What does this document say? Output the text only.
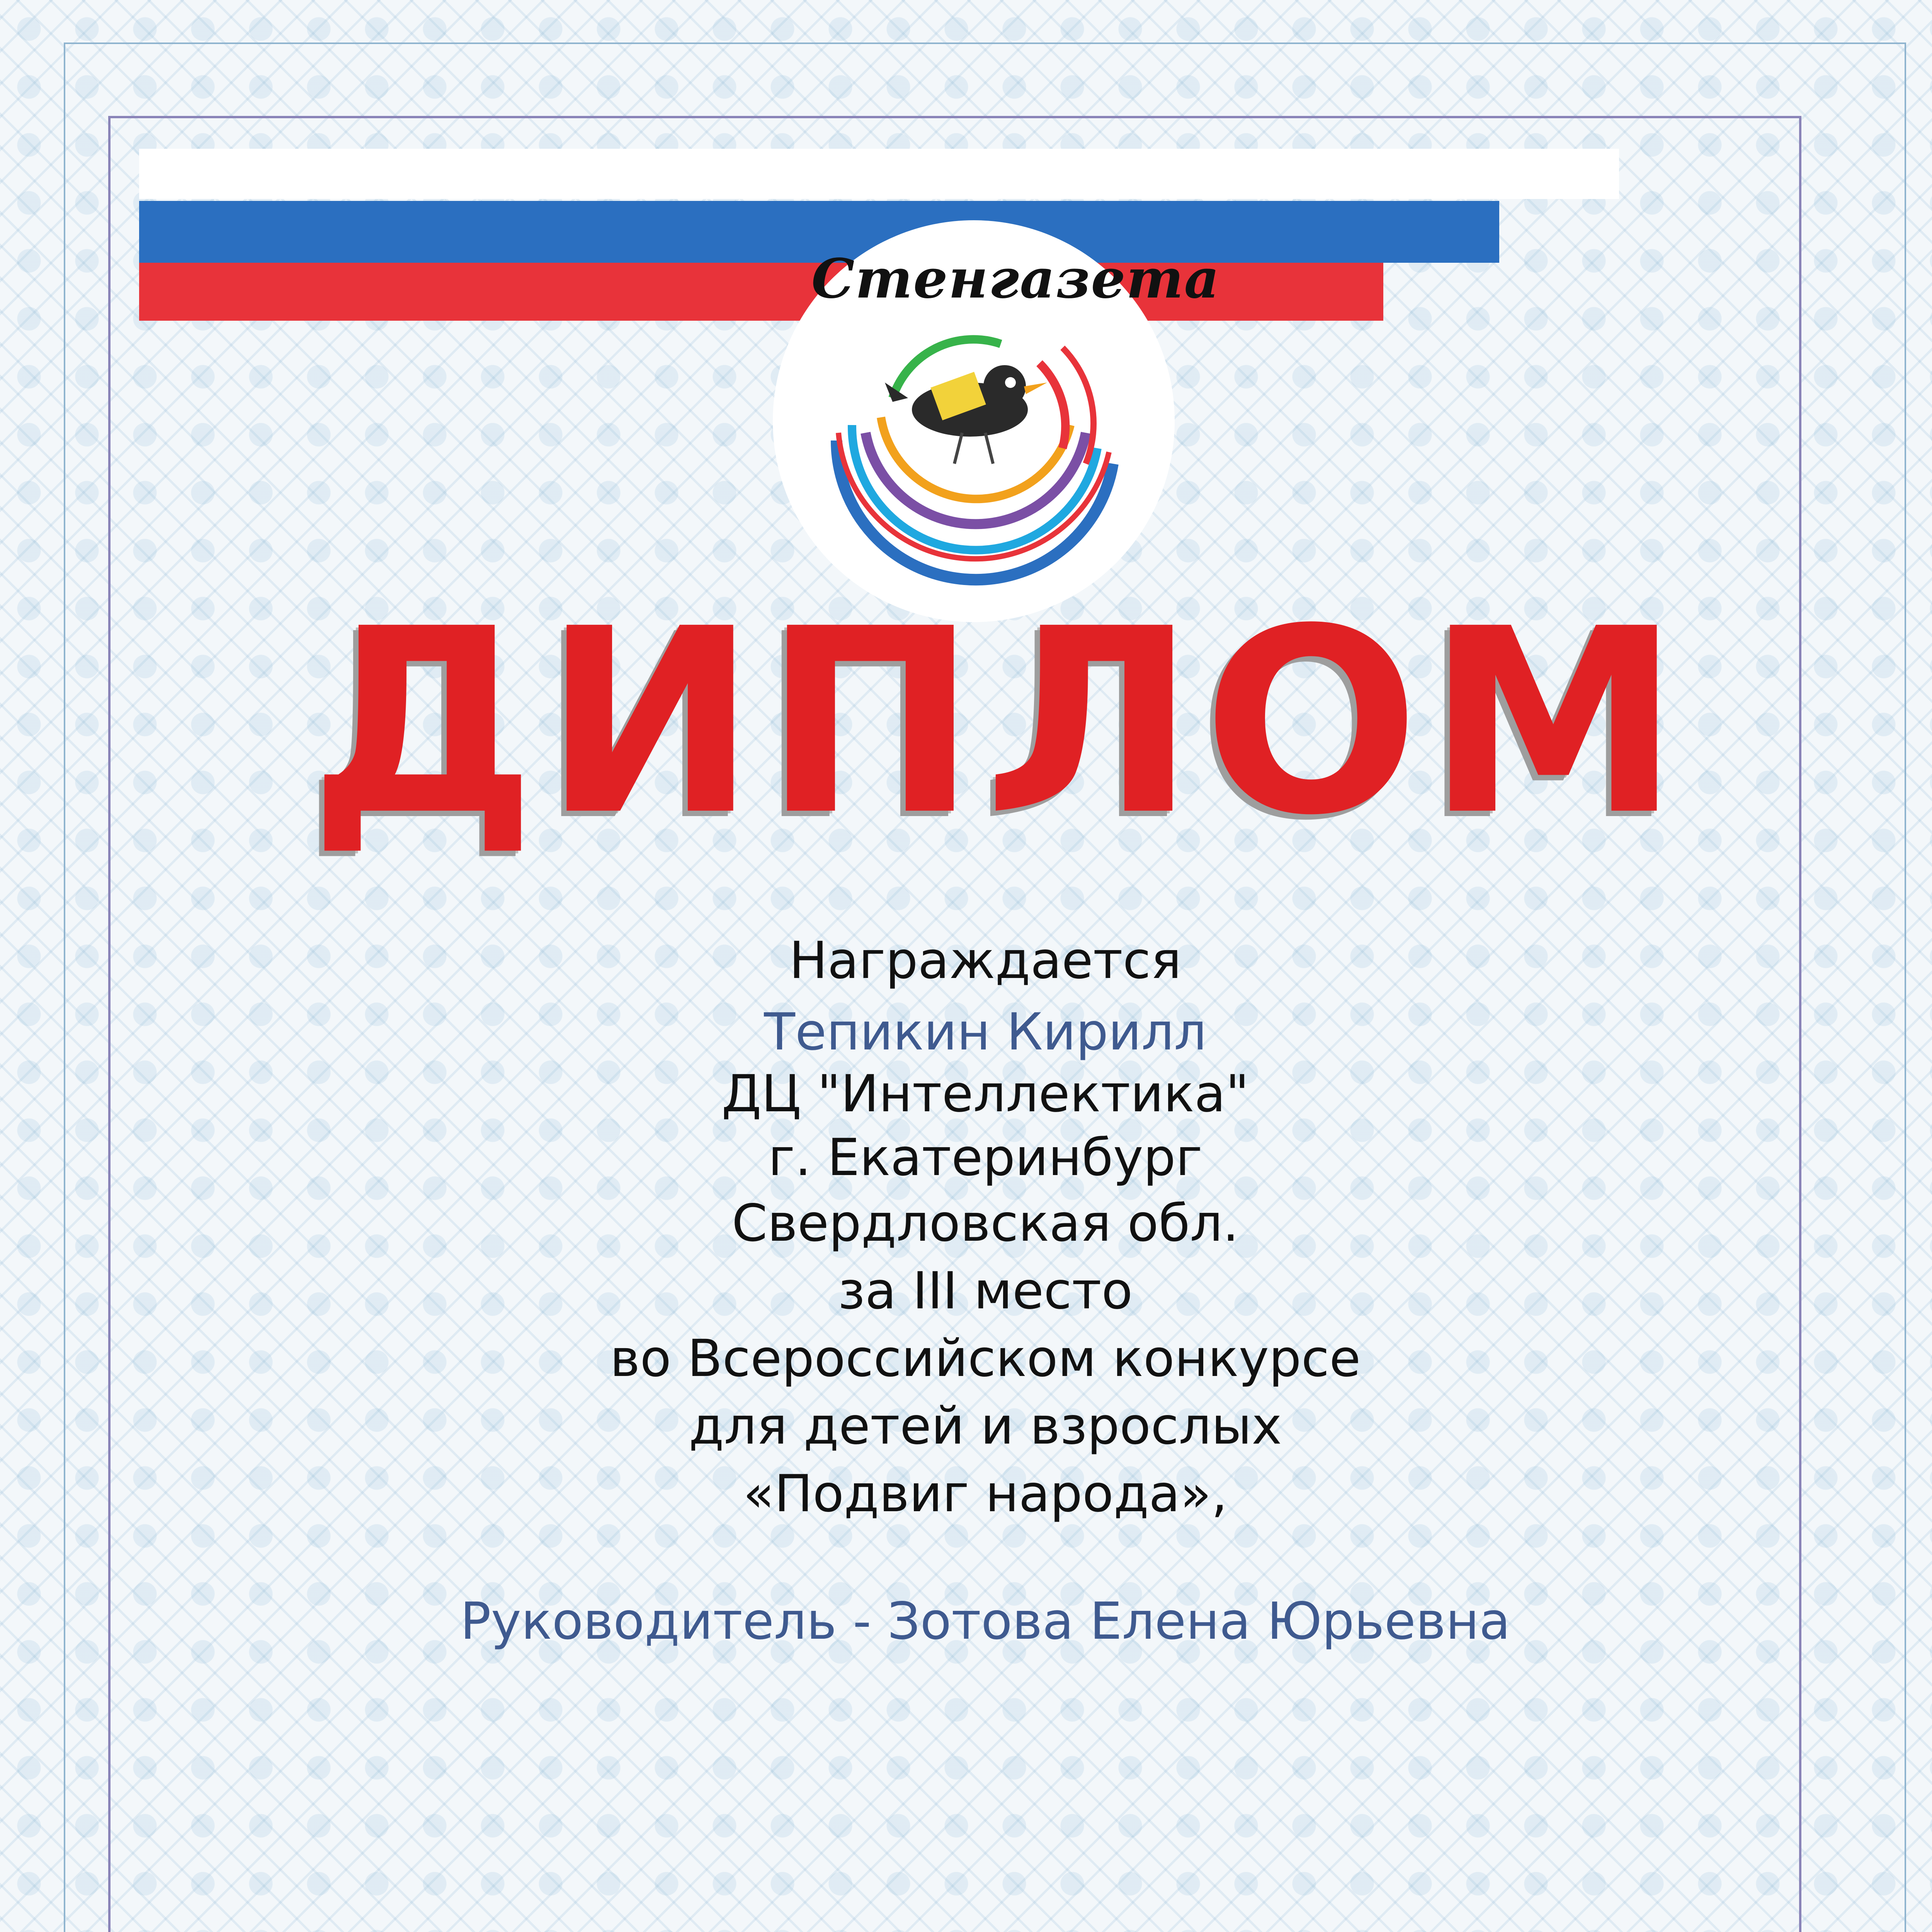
Стенгазета
ДИПЛОМ
Награждается
Тепикин Кирилл
ДЦ "Интеллектика"
г. Екатеринбург
Свердловская обл.
за III место
во Всероссийском конкурсе
для детей и взрослых
«Подвиг народа»,
Руководитель - Зотова Елена Юрьевна
